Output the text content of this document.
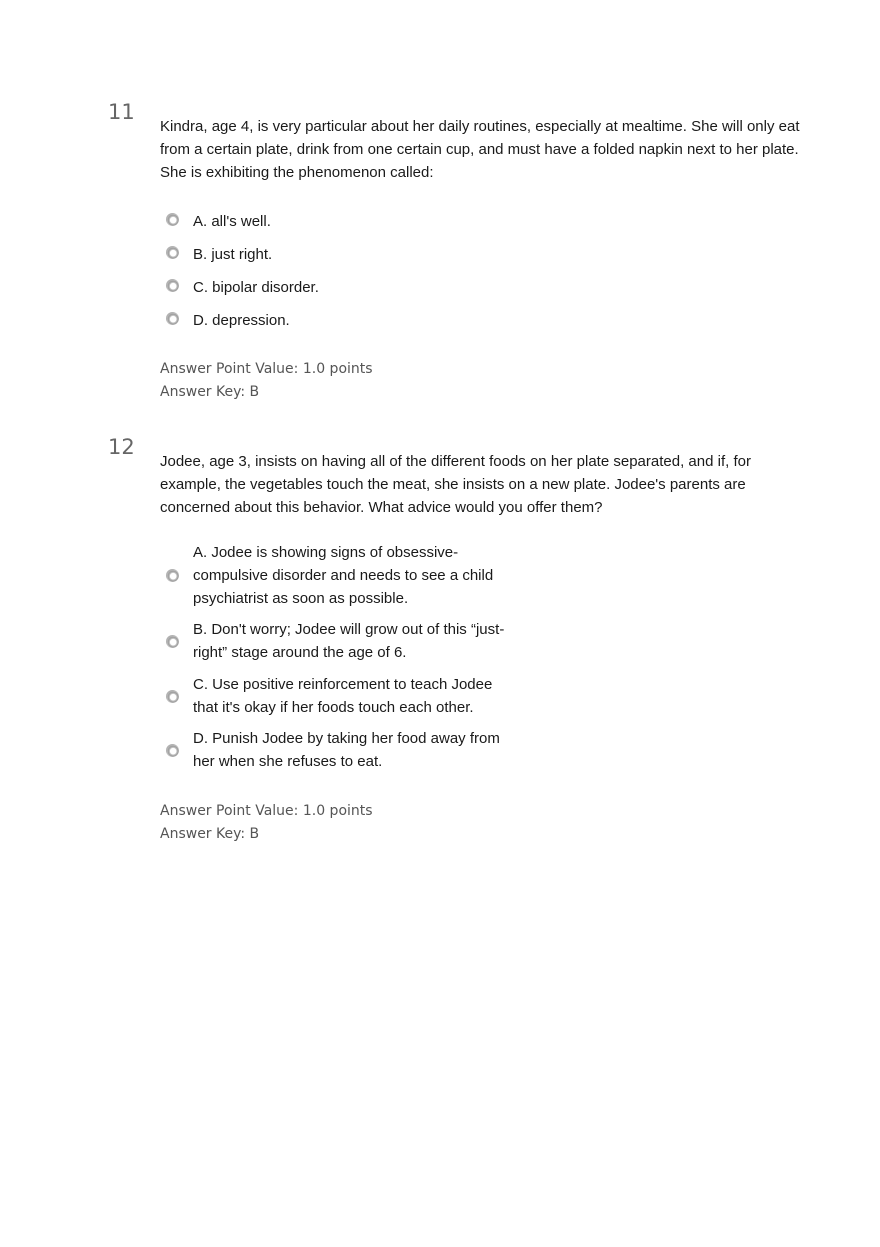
11

Kindra, age 4, is very particular about her daily routines, especially at mealtime. She will only eat from a certain plate, drink from one certain cup, and must have a folded napkin next to her plate. She is exhibiting the phenomenon called:

A. all's well.
B. just right.
C. bipolar disorder.
D. depression.
Answer Point Value: 1.0 points
Answer Key: B
12

Jodee, age 3, insists on having all of the different foods on her plate separated, and if, for example, the vegetables touch the meat, she insists on a new plate. Jodee's parents are concerned about this behavior. What advice would you offer them?

A. Jodee is showing signs of obsessive-compulsive disorder and needs to see a child psychiatrist as soon as possible.
B. Don't worry; Jodee will grow out of this “just-right” stage around the age of 6.
C. Use positive reinforcement to teach Jodee that it's okay if her foods touch each other.
D. Punish Jodee by taking her food away from her when she refuses to eat.
Answer Point Value: 1.0 points
Answer Key: B
